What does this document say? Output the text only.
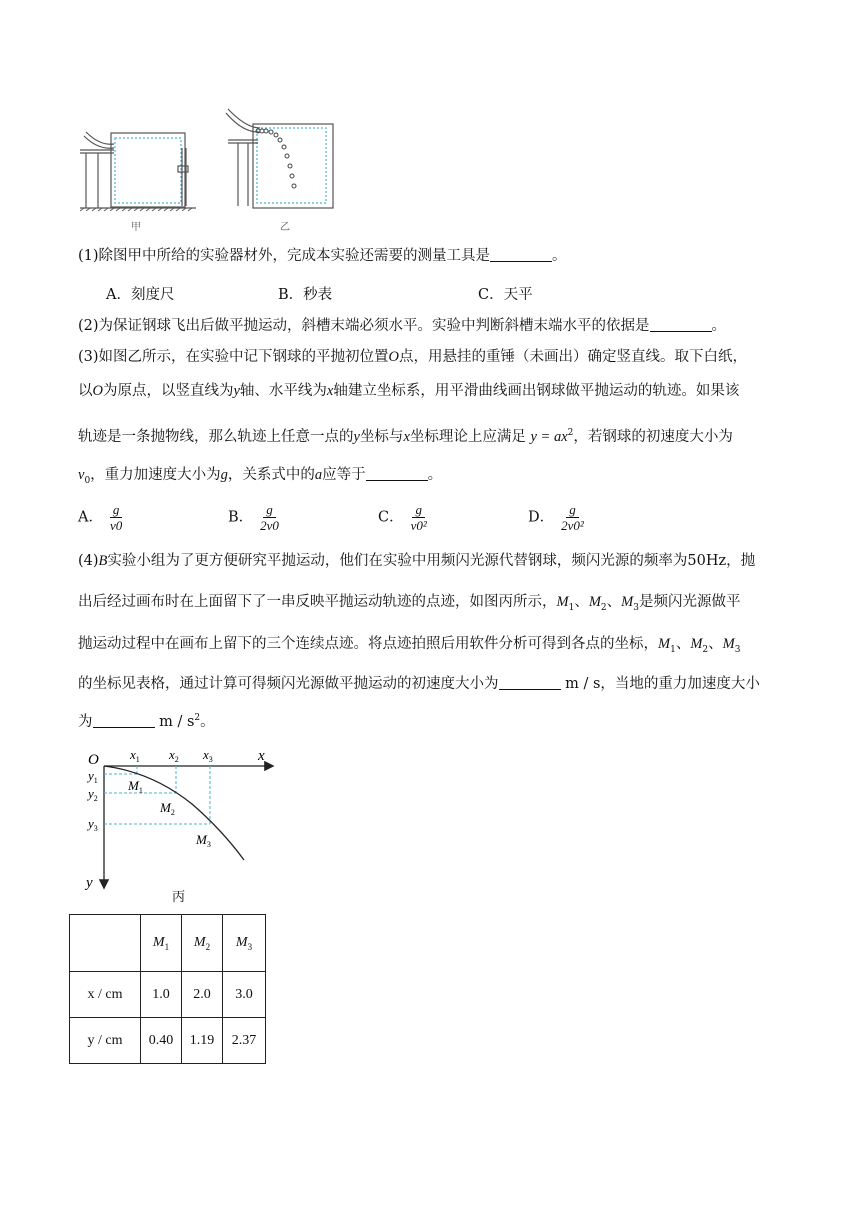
甲	乙
(1)除图甲中所给的实验器材外，完成本实验还需要的测量工具是	。
A．刻度尺	B．秒表	C．天平
(2)为保证钢球飞出后做平抛运动，斜槽末端必须水平。实验中判断斜槽末端水平的依据是	。
(3)如图乙所示，在实验中记下钢球的平抛初位置O点，用悬挂的重锤（未画出）确定竖直线。取下白纸，
以O为原点，以竖直线为y轴、水平线为x轴建立坐标系，用平滑曲线画出钢球做平抛运动的轨迹。如果该
轨迹是一条抛物线，那么轨迹上任意一点的y坐标与x坐标理论上应满足 $y = ax^2$，若钢球的初速度大小为
$v_0$，重力加速度大小为g，关系式中的a应等于	。
A． $\frac{g}{v0}$	B． $\frac{g}{2v0}$	C． $\frac{g}{\text{v0²}}$	D． $\frac{g}{\text{2v0²}}$
(4)B实验小组为了更方便研究平抛运动，他们在实验中用频闪光源代替钢球，频闪光源的频率为50Hz，抛
出后经过画布时在上面留下了一串反映平抛运动轨迹的点迹，如图丙所示，$M_1$、$M_2$、$M_3$是频闪光源做平
抛运动过程中在画布上留下的三个连续点迹。将点迹拍照后用软件分析可得到各点的坐标，$M_1$、$M_2$、$M_3$
的坐标见表格，通过计算可得频闪光源做平抛运动的初速度大小为	m / s，当地的重力加速度大小
为	m / $s^2$。
O	x
y
$x_1$ $x_2$ $x_3$
$y_1$
$y_2$
$y_3$
$M_1$
$M_2$
$M_3$
丙
	$M_1$	$M_2$	$M_3$
x / cm	1.0	2.0	3.0
y / cm	0.40	1.19	2.37
